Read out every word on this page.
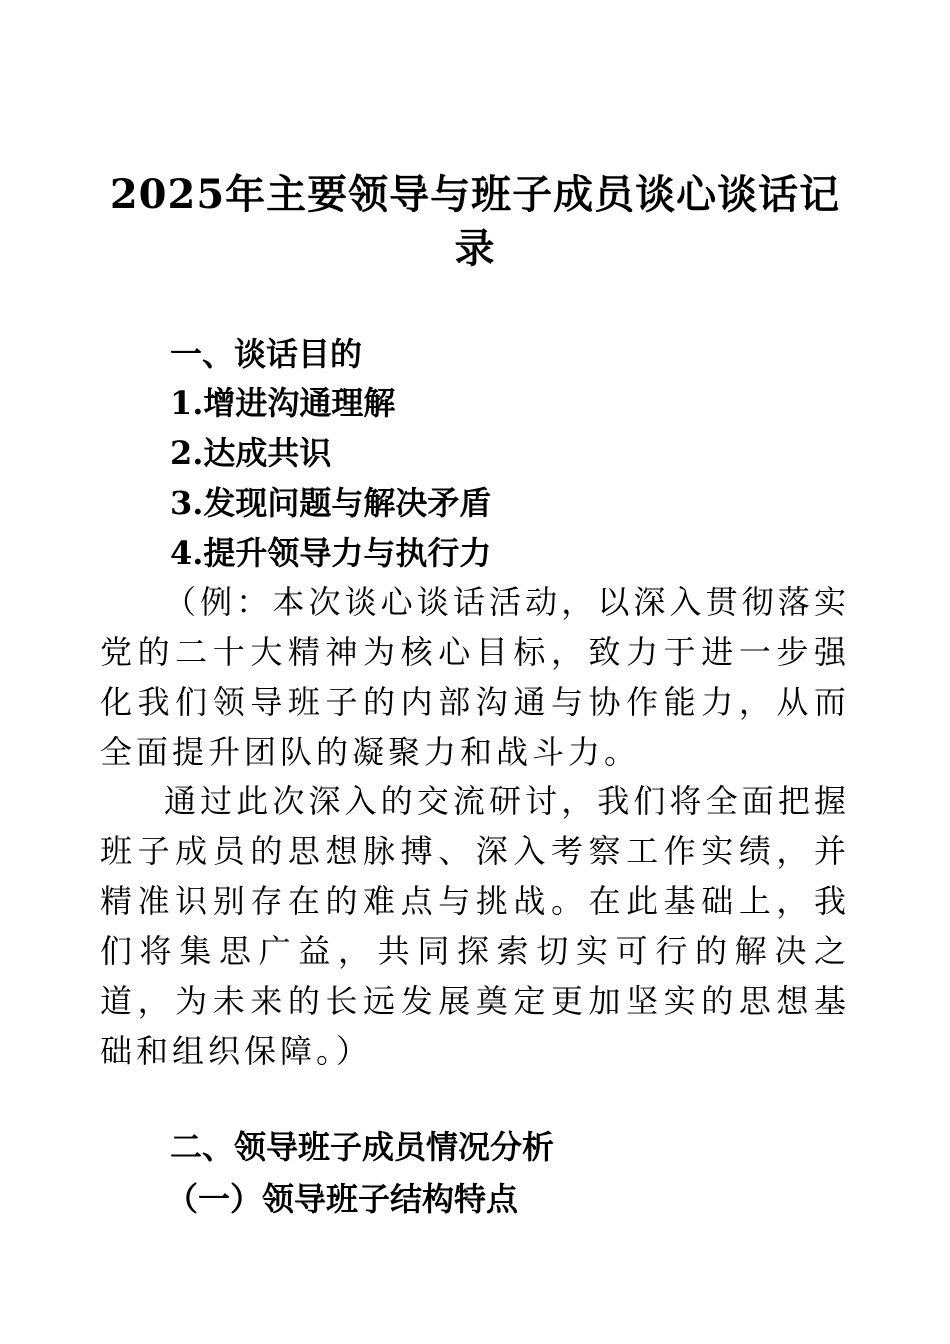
2025年主要领导与班子成员谈心谈话记录
一、谈话目的
1.增进沟通理解
2.达成共识
3.发现问题与解决矛盾
4.提升领导力与执行力

（例：本次谈心谈话活动，以深入贯彻落实党的二十大精神为核心目标，致力于进一步强化我们领导班子的内部沟通与协作能力，从而全面提升团队的凝聚力和战斗力。

通过此次深入的交流研讨，我们将全面把握班子成员的思想脉搏、深入考察工作实绩，并精准识别存在的难点与挑战。在此基础上，我们将集思广益，共同探索切实可行的解决之道，为未来的长远发展奠定更加坚实的思想基础和组织保障。）

二、领导班子成员情况分析
（一）领导班子结构特点
